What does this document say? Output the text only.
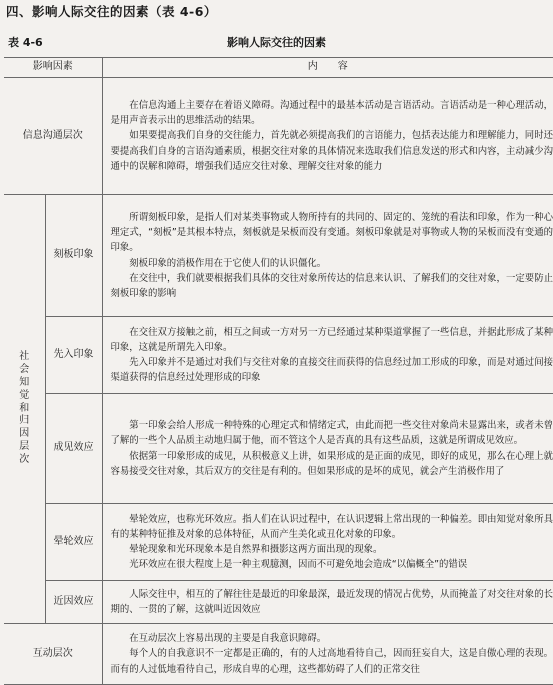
四、影响人际交往的因素（表 4-6）
影响人际交往的因素
表 4-6
影响因素		内　　容
信息沟通层次		在信息沟通上主要存在着语义障碍。沟通过程中的最基本活动是言语活动。言语活动是一种心理活动，是用声音表示出的思维活动的结果。

如果要提高我们自身的交往能力，首先就必须提高我们的言语能力，包括表达能力和理解能力，同时还要提高我们自身的言语沟通素质，根据交往对象的具体情况来选取我们信息发送的形式和内容，主动减少沟通中的误解和障碍，增强我们适应交往对象、理解交往对象的能力

社会知觉和归因层次	刻板印象	所谓刻板印象，是指人们对某类事物或人物所持有的共同的、固定的、笼统的看法和印象，作为一种心理定式，“刻板”是其根本特点，刻板就是呆板而没有变通。刻板印象就是对事物或人物的呆板而没有变通的印象。

刻板印象的消极作用在于它使人们的认识僵化。

在交往中，我们就要根据我们具体的交往对象所传达的信息来认识、了解我们的交往对象，一定要防止刻板印象的影响

	先入印象	在交往双方接触之前，相互之间或一方对另一方已经通过某种渠道掌握了一些信息，并据此形成了某种印象，这就是所谓先入印象。

先入印象并不是通过对我们与交往对象的直接交往而获得的信息经过加工形成的印象，而是对通过间接渠道获得的信息经过处理形成的印象

	成见效应	第一印象会给人形成一种特殊的心理定式和情绪定式，由此而把一些交往对象尚未显露出来，或者未曾了解的一些个人品质主动地归属于他，而不管这个人是否真的具有这些品质，这就是所谓成见效应。

依据第一印象形成的成见，从积极意义上讲，如果形成的是正面的成见，即好的成见，那么在心理上就容易接受交往对象，其后双方的交往是有利的。但如果形成的是坏的成见，就会产生消极作用了

	晕轮效应	晕轮效应，也称光环效应。指人们在认识过程中，在认识逻辑上常出现的一种偏差。即由知觉对象所具有的某种特征推及对象的总体特征，从而产生美化或丑化对象的印象。

晕轮现象和光环现象本是自然界和摄影这两方面出现的现象。

光环效应在很大程度上是一种主观臆测，因而不可避免地会造成“以偏概全”的错误

	近因效应	人际交往中，相互的了解往往是最近的印象最深，最近发现的情况占优势，从而掩盖了对交往对象的长期的、一贯的了解，这就叫近因效应

互动层次		在互动层次上容易出现的主要是自我意识障碍。

每个人的自我意识不一定都是正确的，有的人过高地看待自己，因而狂妄自大，这是自傲心理的表现。而有的人过低地看待自己，形成自卑的心理，这些都妨碍了人们的正常交往
